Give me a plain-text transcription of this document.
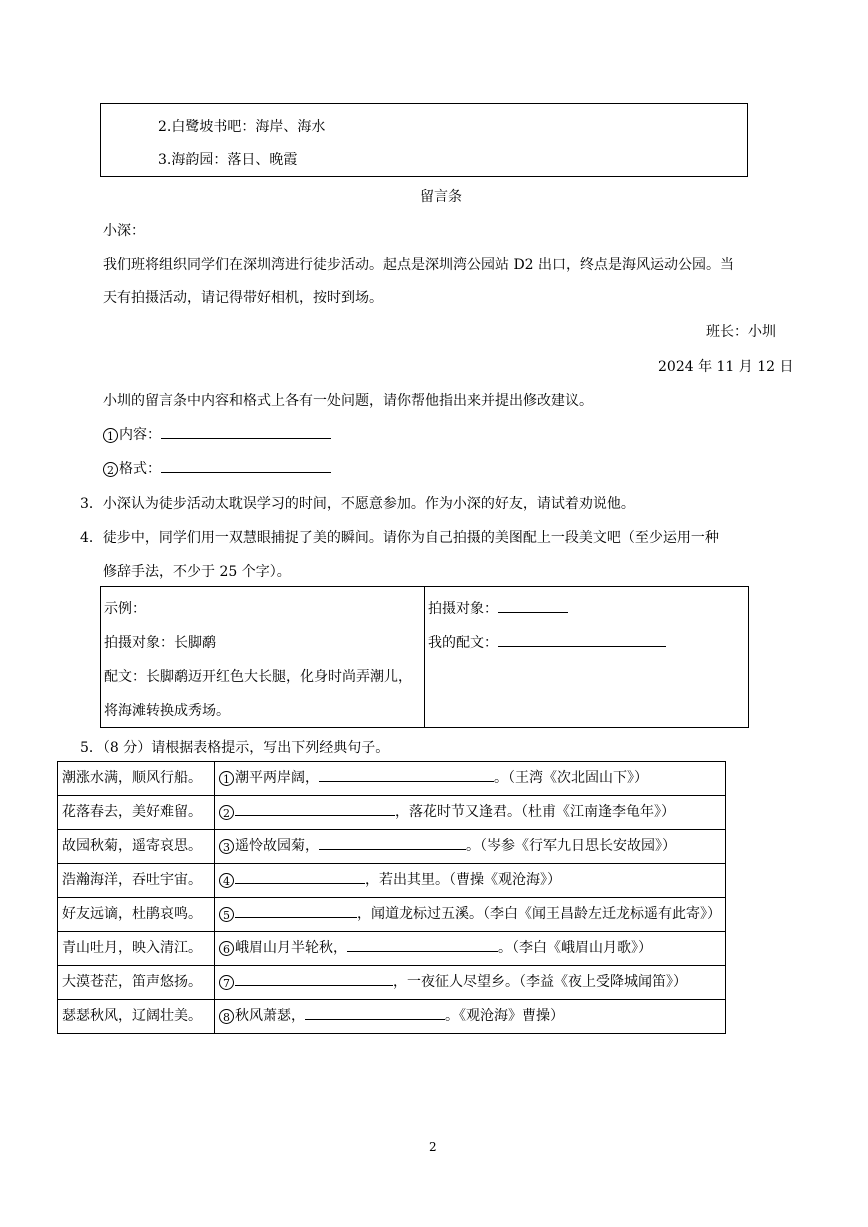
2.白鹭坡书吧：海岸、海水
3.海韵园：落日、晚霞
留言条
小深：
我们班将组织同学们在深圳湾进行徒步活动。起点是深圳湾公园站 D2 出口，终点是海风运动公园。当
天有拍摄活动，请记得带好相机，按时到场。
班长：小圳
2024 年 11 月 12 日
小圳的留言条中内容和格式上各有一处问题，请你帮他指出来并提出修改建议。
1 内容：
2 格式：
3．小深认为徒步活动太耽误学习的时间，不愿意参加。作为小深的好友，请试着劝说他。
4．徒步中，同学们用一双慧眼捕捉了美的瞬间。请你为自己拍摄的美图配上一段美文吧（至少运用一种
修辞手法，不少于 25 个字）。
示例：
拍摄对象：长脚鹬
配文：长脚鹬迈开红色大长腿，化身时尚弄潮儿，
将海滩转换成秀场。
拍摄对象：
我的配文：
5．（8 分）请根据表格提示，写出下列经典句子。
潮涨水满，顺风行船。	1 潮平两岸阔， 。（王湾《次北固山下》）
花落春去，美好难留。	2 ，落花时节又逢君。（杜甫《江南逢李龟年》）
故园秋菊，遥寄哀思。	3 遥怜故园菊， 。（岑参《行军九日思长安故园》）
浩瀚海洋，吞吐宇宙。	4 ，若出其里。（曹操《观沧海》）
好友远谪，杜鹃哀鸣。	5 ，闻道龙标过五溪。（李白《闻王昌龄左迁龙标遥有此寄》）
青山吐月，映入清江。	6 峨眉山月半轮秋， 。（李白《峨眉山月歌》）
大漠苍茫，笛声悠扬。	7 ，一夜征人尽望乡。（李益《夜上受降城闻笛》）
瑟瑟秋风，辽阔壮美。	8 秋风萧瑟， 。《观沧海》曹操）
2
